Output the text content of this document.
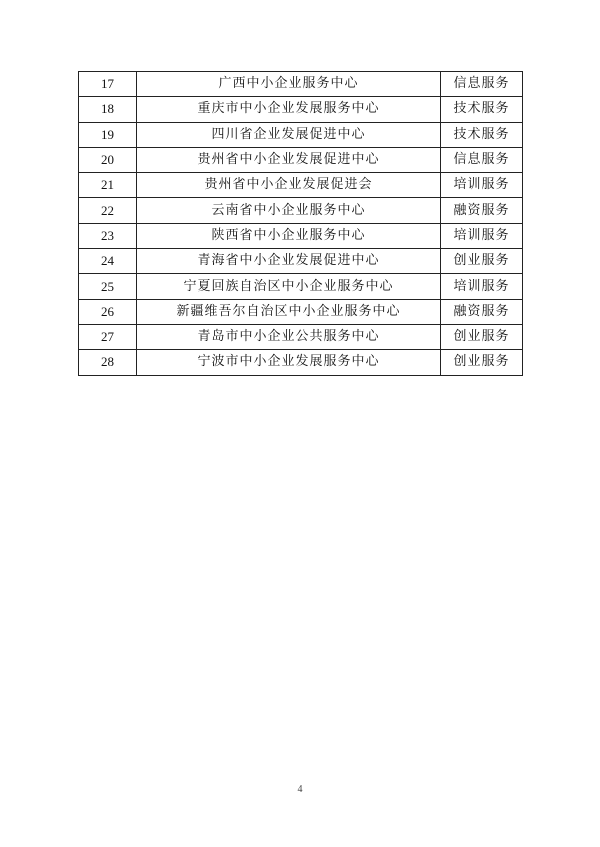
17	广西中小企业服务中心	信息服务
18	重庆市中小企业发展服务中心	技术服务
19	四川省企业发展促进中心	技术服务
20	贵州省中小企业发展促进中心	信息服务
21	贵州省中小企业发展促进会	培训服务
22	云南省中小企业服务中心	融资服务
23	陕西省中小企业服务中心	培训服务
24	青海省中小企业发展促进中心	创业服务
25	宁夏回族自治区中小企业服务中心	培训服务
26	新疆维吾尔自治区中小企业服务中心	融资服务
27	青岛市中小企业公共服务中心	创业服务
28	宁波市中小企业发展服务中心	创业服务
4
